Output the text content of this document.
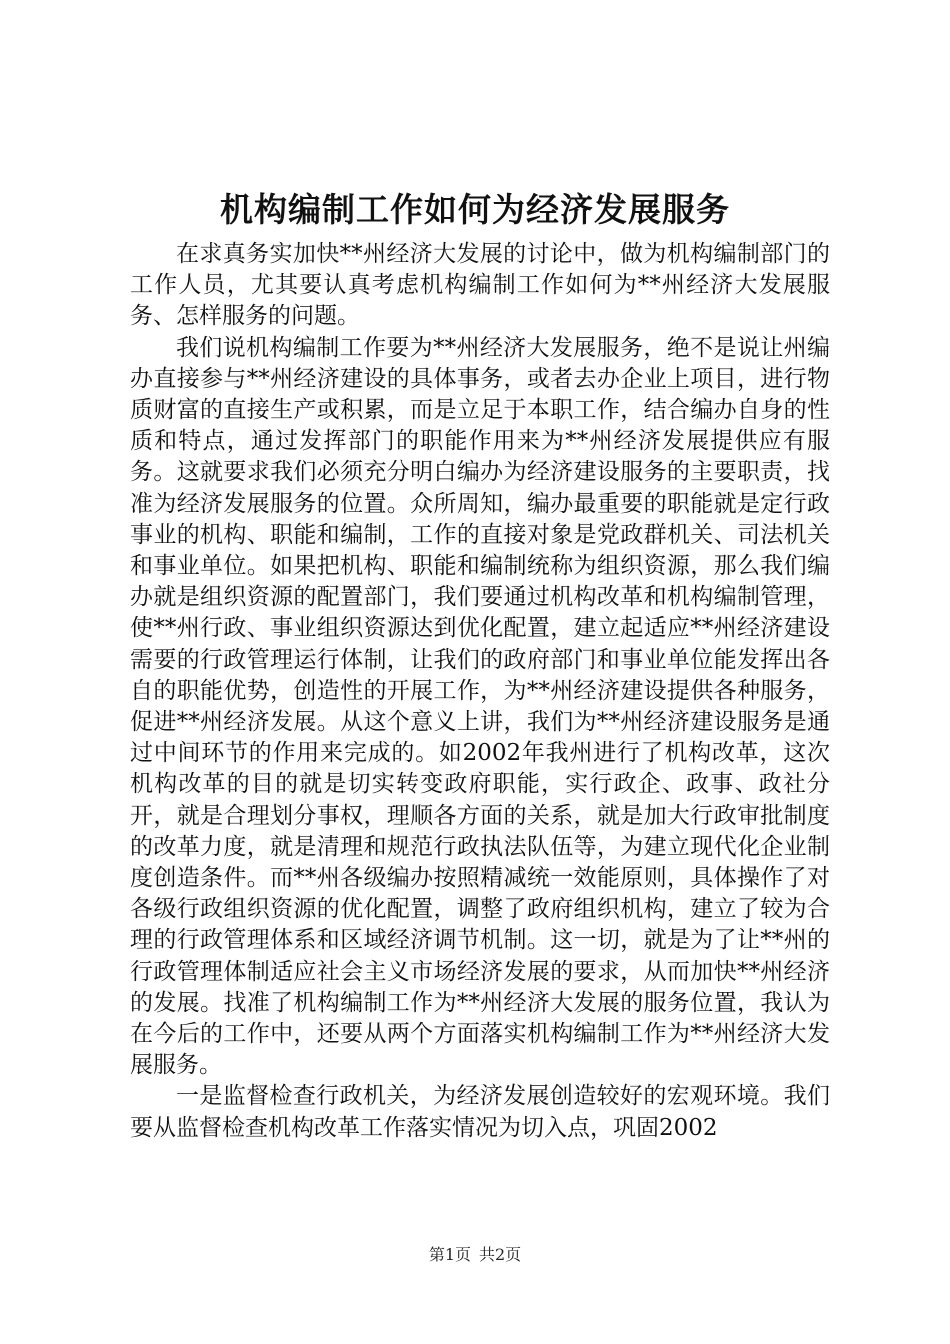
机构编制工作如何为经济发展服务

在求真务实加快**州经济大发展的讨论中，做为机构编制部门的工作人员，尤其要认真考虑机构编制工作如何为**州经济大发展服务、怎样服务的问题。

我们说机构编制工作要为**州经济大发展服务，绝不是说让州编办直接参与**州经济建设的具体事务，或者去办企业上项目，进行物质财富的直接生产或积累，而是立足于本职工作，结合编办自身的性质和特点，通过发挥部门的职能作用来为**州经济发展提供应有服务。这就要求我们必须充分明白编办为经济建设服务的主要职责，找准为经济发展服务的位置。众所周知，编办最重要的职能就是定行政事业的机构、职能和编制，工作的直接对象是党政群机关、司法机关和事业单位。如果把机构、职能和编制统称为组织资源，那么我们编办就是组织资源的配置部门，我们要通过机构改革和机构编制管理，使**州行政、事业组织资源达到优化配置，建立起适应**州经济建设需要的行政管理运行体制，让我们的政府部门和事业单位能发挥出各自的职能优势，创造性的开展工作，为**州经济建设提供各种服务，促进**州经济发展。从这个意义上讲，我们为**州经济建设服务是通过中间环节的作用来完成的。如2002年我州进行了机构改革，这次机构改革的目的就是切实转变政府职能，实行政企、政事、政社分开，就是合理划分事权，理顺各方面的关系，就是加大行政审批制度的改革力度，就是清理和规范行政执法队伍等，为建立现代化企业制度创造条件。而**州各级编办按照精减统一效能原则，具体操作了对各级行政组织资源的优化配置，调整了政府组织机构，建立了较为合理的行政管理体系和区域经济调节机制。这一切，就是为了让**州的行政管理体制适应社会主义市场经济发展的要求，从而加快**州经济的发展。找准了机构编制工作为**州经济大发展的服务位置，我认为在今后的工作中，还要从两个方面落实机构编制工作为**州经济大发展服务。

一是监督检查行政机关，为经济发展创造较好的宏观环境。我们要从监督检查机构改革工作落实情况为切入点，巩固2002

第1页 共2页
